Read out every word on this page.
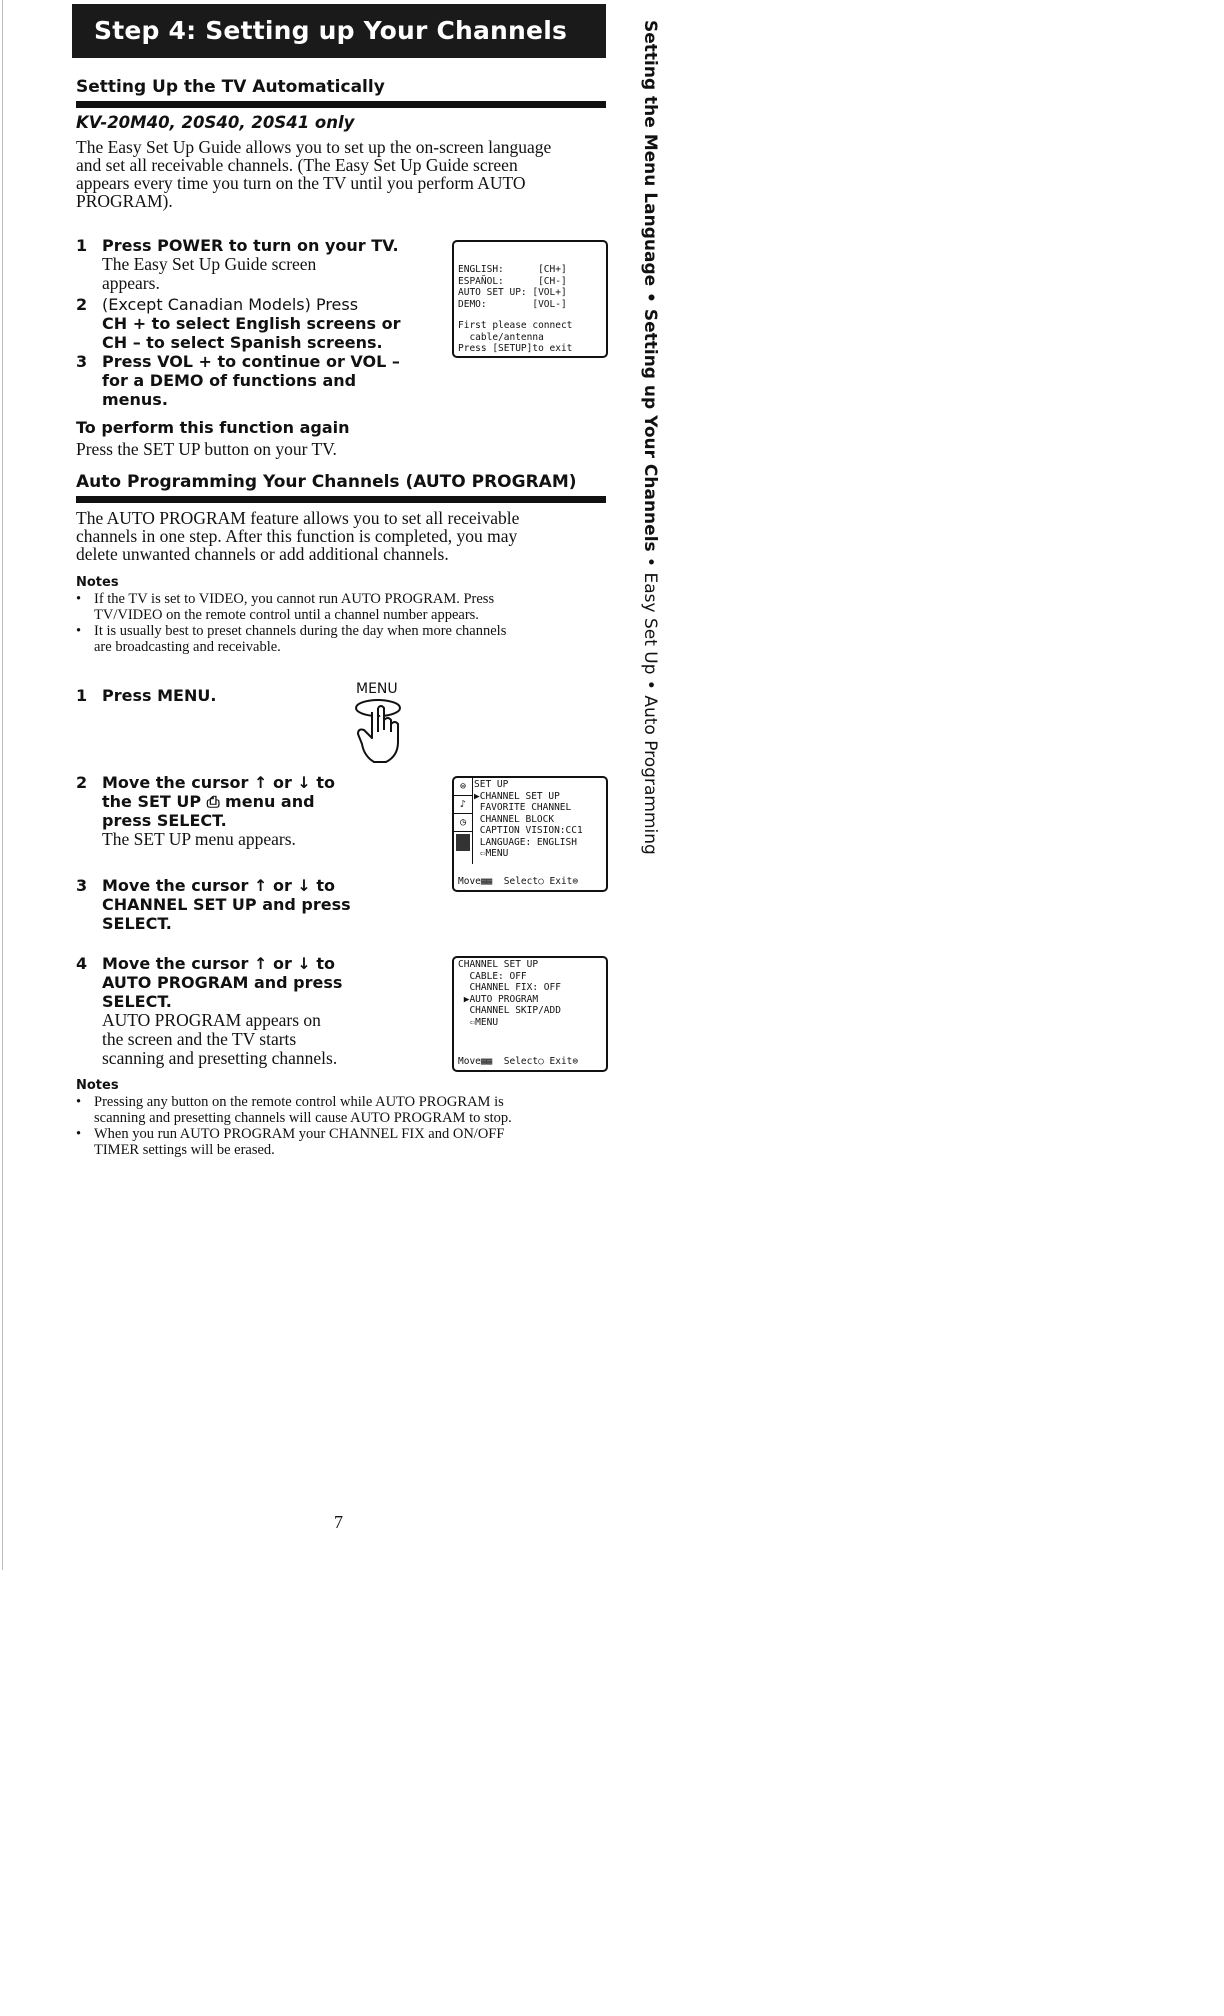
Step 4: Setting up Your Channels
Setting Up the TV Automatically
KV-20M40, 20S40, 20S41 only
The Easy Set Up Guide allows you to set up the on-screen language
and set all receivable channels. (The Easy Set Up Guide screen
appears every time you turn on the TV until you perform AUTO
PROGRAM).
1 Press POWER to turn on your TV.
The Easy Set Up Guide screen
appears.
2 (Except Canadian Models) Press
CH + to select English screens or
CH – to select Spanish screens.
3 Press VOL + to continue or VOL –
for a DEMO of functions and menus.
ENGLISH:      [CH+]
ESPAÑOL:      [CH-]
AUTO SET UP: [VOL+]
DEMO:        [VOL-]
First please connect
cable/antenna
Press [SETUP]to exit
To perform this function again
Press the SET UP button on your TV.
Auto Programming Your Channels (AUTO PROGRAM)
The AUTO PROGRAM feature allows you to set all receivable
channels in one step. After this function is completed, you may
delete unwanted channels or add additional channels.
Notes
• If the TV is set to VIDEO, you cannot run AUTO PROGRAM. Press
TV/VIDEO on the remote control until a channel number appears.
• It is usually best to preset channels during the day when more channels
are broadcasting and receivable.
1 Press MENU.	MENU
2 Move the cursor ↑ or ↓ to
the SET UP ⎙ menu and
press SELECT.
The SET UP menu appears.
⊜
♪
◷
SET UP
▶CHANNEL SET UP
FAVORITE CHANNEL
CHANNEL BLOCK
CAPTION VISION:CC1
LANGUAGE: ENGLISH
⇦MENU
Move▦▦  Select○ Exit⊜
3 Move the cursor ↑ or ↓ to
CHANNEL SET UP and press
SELECT.
4 Move the cursor ↑ or ↓ to
AUTO PROGRAM and press
SELECT.
AUTO PROGRAM appears on
the screen and the TV starts
scanning and presetting channels.
CHANNEL SET UP
CABLE: OFF
CHANNEL FIX: OFF
▶AUTO PROGRAM
CHANNEL SKIP/ADD
⇦MENU
Move▦▦  Select○ Exit⊜
Notes
• Pressing any button on the remote control while AUTO PROGRAM is
scanning and presetting channels will cause AUTO PROGRAM to stop.
• When you run AUTO PROGRAM your CHANNEL FIX and ON/OFF
TIMER settings will be erased.
Setting the Menu Language • Setting up Your Channels • Easy Set Up • Auto Programming
7
